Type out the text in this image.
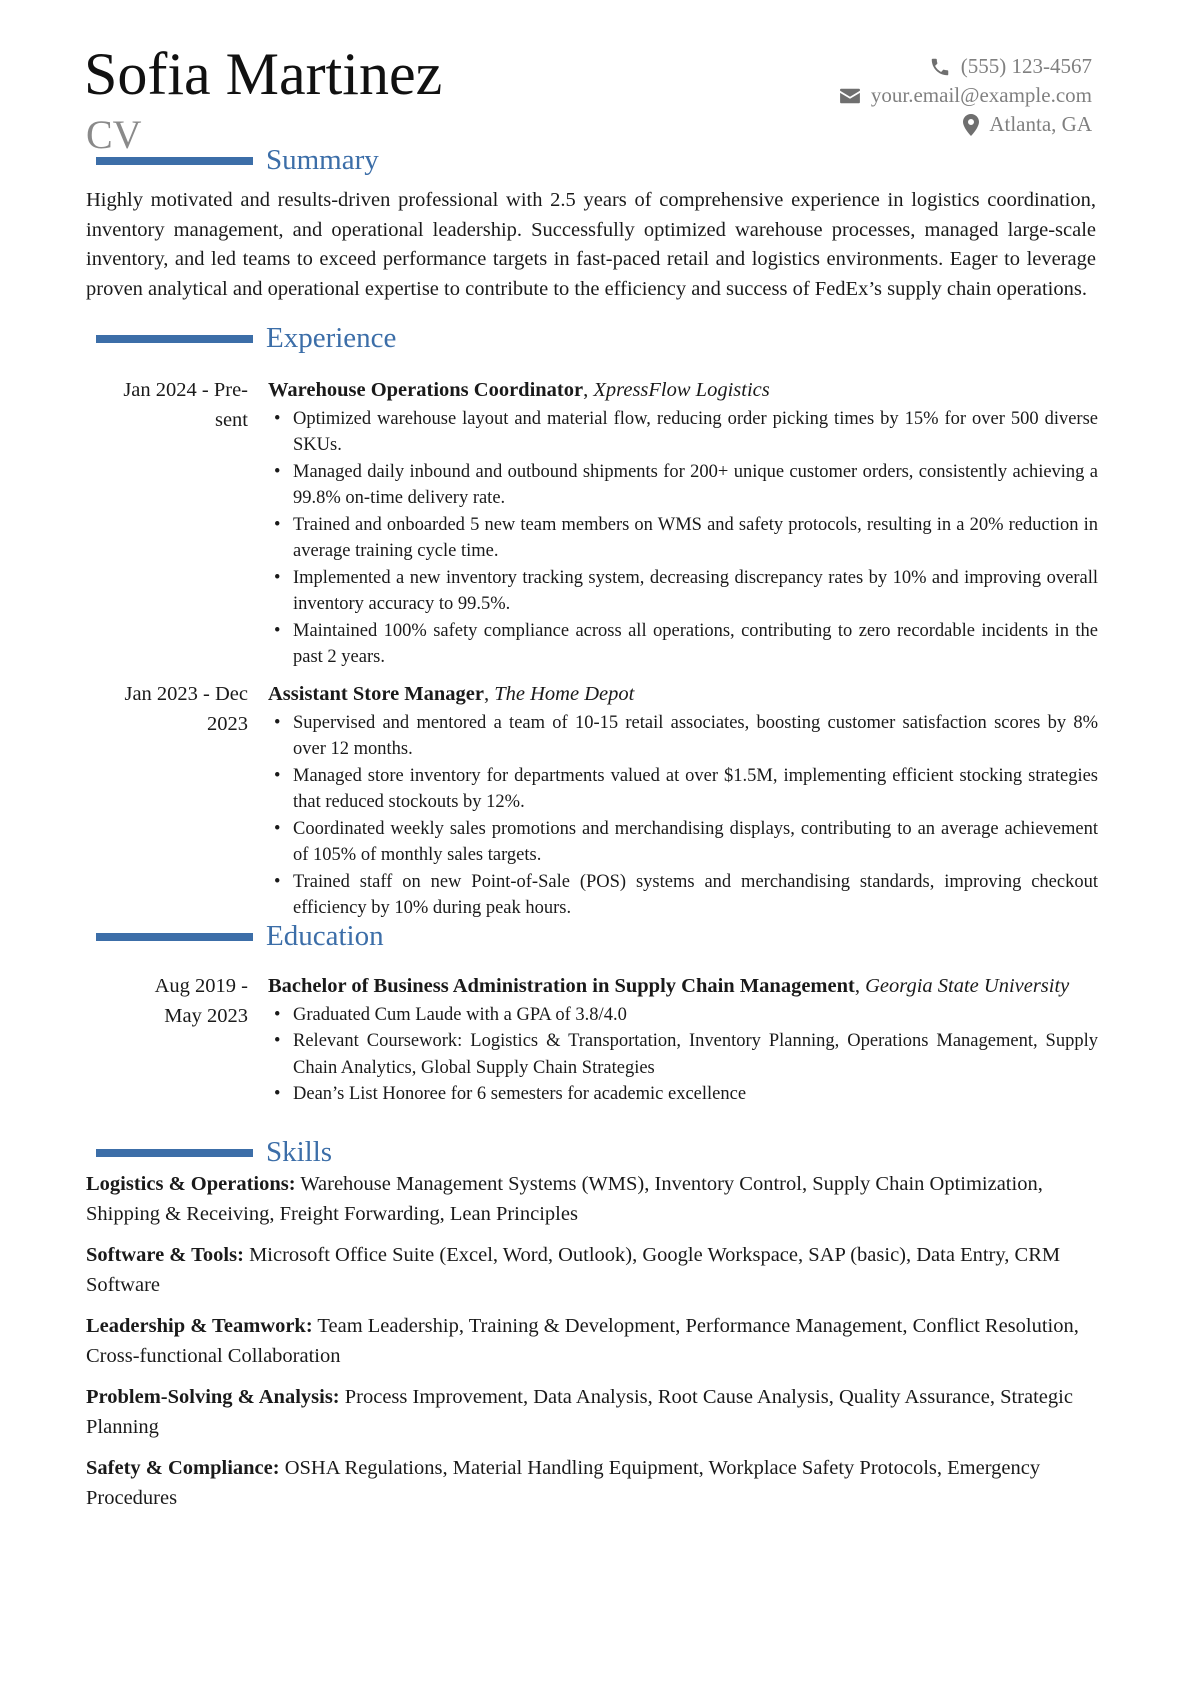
Sofia Martinez
CV
(555) 123-4567
your.email@example.com
Atlanta, GA
Summary
Highly motivated and results-driven professional with 2.5 years of comprehensive experience in logistics coordination, inventory management, and operational leadership. Successfully optimized warehouse processes, managed large-scale inventory, and led teams to exceed performance targets in fast-paced retail and logistics environments. Eager to leverage proven analytical and operational expertise to contribute to the efficiency and success of FedEx’s supply chain operations.
Experience
Jan 2024 - Pre-
sent
Warehouse Operations Coordinator, XpressFlow Logistics
• Optimized warehouse layout and material flow, reducing order picking times by 15% for over 500 diverse SKUs.
• Managed daily inbound and outbound shipments for 200+ unique customer orders, consistently achieving a 99.8% on-time delivery rate.
• Trained and onboarded 5 new team members on WMS and safety protocols, resulting in a 20% reduction in average training cycle time.
• Implemented a new inventory tracking system, decreasing discrepancy rates by 10% and improving overall inventory accuracy to 99.5%.
• Maintained 100% safety compliance across all operations, contributing to zero recordable incidents in the past 2 years.
Jan 2023 - Dec
2023
Assistant Store Manager, The Home Depot
• Supervised and mentored a team of 10-15 retail associates, boosting customer satisfaction scores by 8% over 12 months.
• Managed store inventory for departments valued at over $1.5M, implementing efficient stocking strategies that reduced stockouts by 12%.
• Coordinated weekly sales promotions and merchandising displays, contributing to an average achievement of 105% of monthly sales targets.
• Trained staff on new Point-of-Sale (POS) systems and merchandising standards, improving checkout efficiency by 10% during peak hours.
Education
Aug 2019 -
May 2023
Bachelor of Business Administration in Supply Chain Management, Georgia State University
• Graduated Cum Laude with a GPA of 3.8/4.0
• Relevant Coursework: Logistics & Transportation, Inventory Planning, Operations Management, Supply Chain Analytics, Global Supply Chain Strategies
• Dean’s List Honoree for 6 semesters for academic excellence
Skills
Logistics & Operations: Warehouse Management Systems (WMS), Inventory Control, Supply Chain Optimization, Shipping & Receiving, Freight Forwarding, Lean Principles
Software & Tools: Microsoft Office Suite (Excel, Word, Outlook), Google Workspace, SAP (basic), Data Entry, CRM Software
Leadership & Teamwork: Team Leadership, Training & Development, Performance Management, Conflict Resolution, Cross-functional Collaboration
Problem-Solving & Analysis: Process Improvement, Data Analysis, Root Cause Analysis, Quality Assurance, Strategic Planning
Safety & Compliance: OSHA Regulations, Material Handling Equipment, Workplace Safety Protocols, Emergency Procedures
